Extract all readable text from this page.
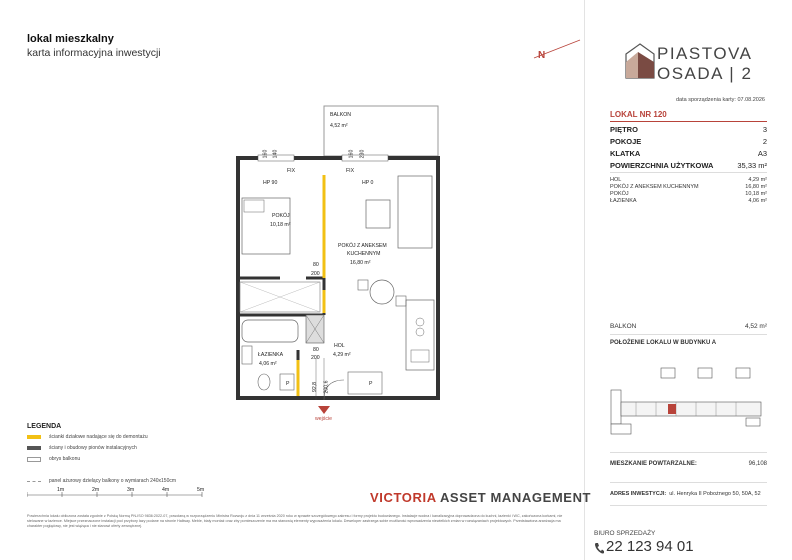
lokal mieszkalny
karta informacyjna inwestycji	N	PIASTOVA
OSADA | 2
data sporządzenia karty: 07.08.2026
LOKAL NR 120
PIĘTRO	3
POKOJE	2
KLATKA	A3
POWIERZCHNIA UŻYTKOWA	35,33 m²
HOL	4,29 m²
POKÓJ Z ANEKSEM KUCHENNYM	16,80 m²
POKÓJ	10,18 m²
ŁAZIENKA	4,06 m²
BALKON	4,52 m²
POŁOŻENIE LOKALU W BUDYNKU A
MIESZKANIE POWTARZALNE:	96,108
ADRES INWESTYCJI: ul. Henryka II Pobożnego 50, 50A, 52
BIURO SPRZEDAŻY
22 123 94 01
BALKON
4,52 m²
160 140	160 230
FIX	FIX
HP 90	HP 0
POKÓJ
10,18 m²
POKÓJ Z ANEKSEM
KUCHENNYM
16,80 m²
80
200
80
200
ŁAZIENKA
4,06 m²
HOL
4,29 m²
P	P
92,8 200,6
wejście
LEGENDA
ścianki działowe nadające się do demontażu
ściany i obudowy pionów instalacyjnych
obrys balkonu
panel ażurowy dzielący balkony o wymiarach 240x150cm
1m	2m	3m	4m	5m	VICTORIA ASSET MANAGEMENT
Powierzchnia lokalu obliczona została zgodnie z Polską Normą PN-ISO 9836:2022-07, powołaną w rozporządzeniu Ministra Rozwoju z dnia 11 września 2020 roku w sprawie szczegółowego zakresu i formy projektu budowlanego. Instalacje wodna i kanalizacyjna doprowadzona do kuchni, łazienki i WC, zakończona korkami, nie stelowane w łazience. Miejsce przeznaczone instalacji pod przybory łazy podane na stronie Hallway. Meble, bialy montaż oraz zby pomieszczenie ma ma stanowią elementy wyposażenia lokalu. Deweloper zastrzega sobie możliwość wprowadzenia niewielkich zmian w rozwiązaniach projektowych. Przedstawiona aranżacja ma charakter poglądowy, nie jest wiążąca i nie stanowi oferty zewnętrznej.
